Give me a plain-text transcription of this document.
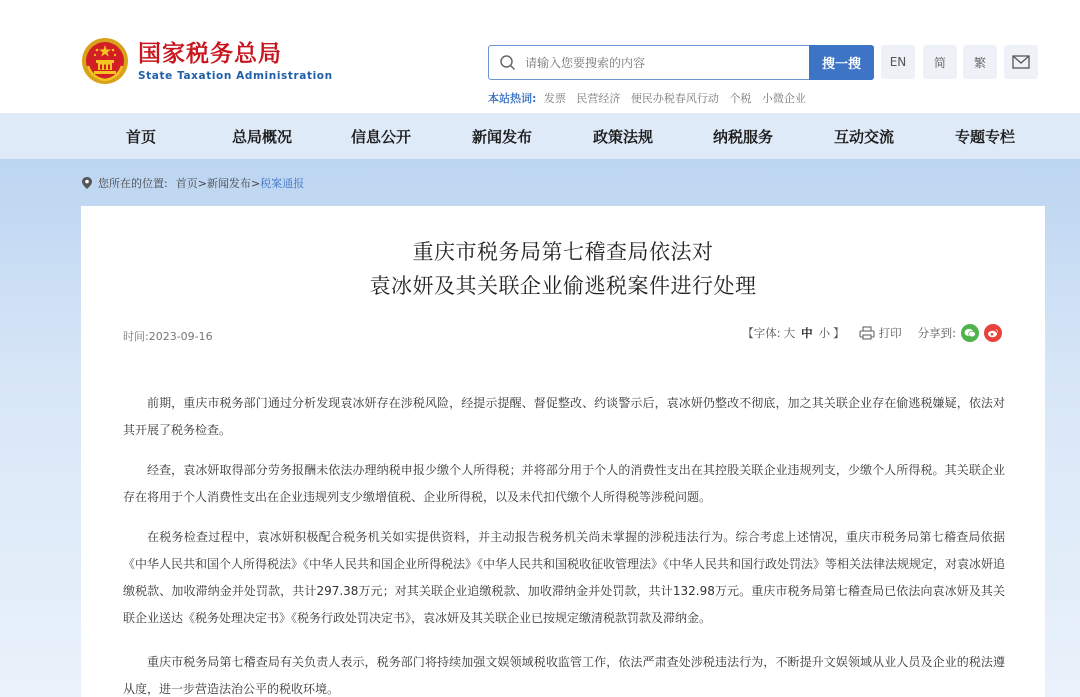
国家税务总局
State Taxation Administration
请输入您要搜索的内容
搜一搜	EN	简	繁
本站热词: 发票 民营经济 便民办税春风行动 个税 小微企业
首页	总局概况	信息公开	新闻发布	政策法规	纳税服务	互动交流	专题专栏
您所在的位置: 首页 > 新闻发布 > 税案通报
重庆市税务局第七稽查局依法对
袁冰妍及其关联企业偷逃税案件进行处理
时间:2023-09-16	【字体: 大 中 小 】	打印 分享到:

前期，重庆市税务部门通过分析发现袁冰妍存在涉税风险，经提示提醒、督促整改、约谈警示后，袁冰妍仍整改不彻底，加之其关联企业存在偷逃税嫌疑，依法对其开展了税务检查。

经查，袁冰妍取得部分劳务报酬未依法办理纳税申报少缴个人所得税；并将部分用于个人的消费性支出在其控股关联企业违规列支，少缴个人所得税。其关联企业存在将用于个人消费性支出在企业违规列支少缴增值税、企业所得税，以及未代扣代缴个人所得税等涉税问题。

在税务检查过程中，袁冰妍积极配合税务机关如实提供资料，并主动报告税务机关尚未掌握的涉税违法行为。综合考虑上述情况，重庆市税务局第七稽查局依据《中华人民共和国个人所得税法》《中华人民共和国企业所得税法》《中华人民共和国税收征收管理法》《中华人民共和国行政处罚法》等相关法律法规规定，对袁冰妍追缴税款、加收滞纳金并处罚款，共计297.38万元；对其关联企业追缴税款、加收滞纳金并处罚款，共计132.98万元。重庆市税务局第七稽查局已依法向袁冰妍及其关联企业送达《税务处理决定书》《税务行政处罚决定书》，袁冰妍及其关联企业已按规定缴清税款罚款及滞纳金。

重庆市税务局第七稽查局有关负责人表示，税务部门将持续加强文娱领域税收监管工作，依法严肃查处涉税违法行为，不断提升文娱领域从业人员及企业的税法遵从度，进一步营造法治公平的税收环境。
